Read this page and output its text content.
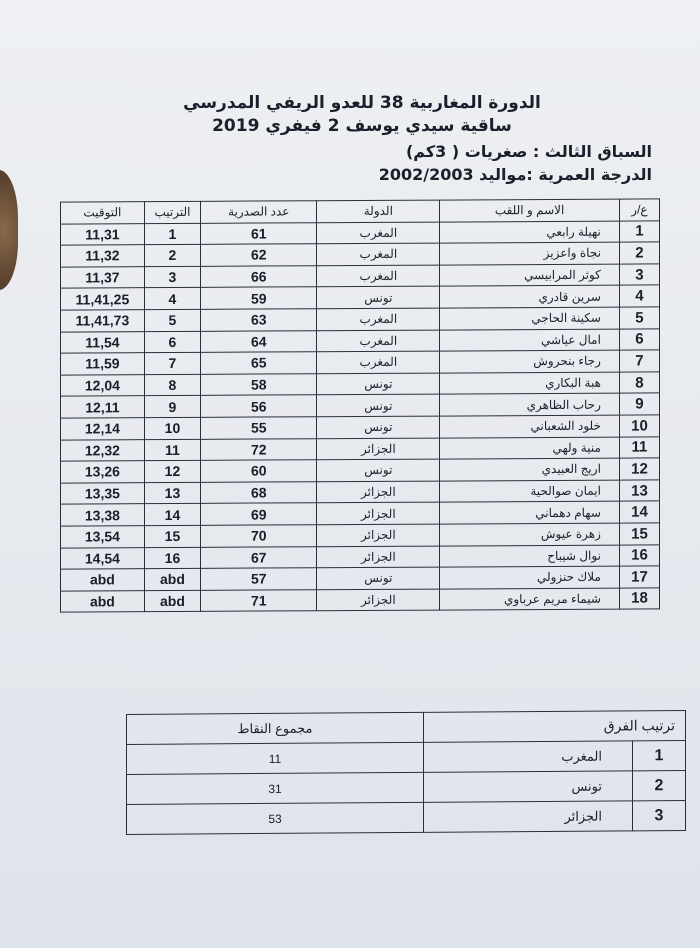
الدورة المغاربية 38 للعدو الريفي المدرسي
ساقية سيدي يوسف 2 فيفري 2019
السباق الثالث : صغريات ( 3كم)
الدرجة العمرية :مواليد 2002/2003
ع/ر	الاسم و اللقب	الدولة	عدد الصدرية	الترتيب	التوقيت
1	نهيلة رابعي	المغرب	61	1	11,31
2	نجاة واعزيز	المغرب	62	2	11,32
3	كوثر المرابيسي	المغرب	66	3	11,37
4	سرين قادري	تونس	59	4	11,41,25
5	سكينة الحاجي	المغرب	63	5	11,41,73
6	امال عياشي	المغرب	64	6	11,54
7	رجاء بنحروش	المغرب	65	7	11,59
8	هبة البكاري	تونس	58	8	12,04
9	رحاب الظاهري	تونس	56	9	12,11
10	خلود الشعباني	تونس	55	10	12,14
11	منية ولهي	الجزائر	72	11	12,32
12	اريج العبيدي	تونس	60	12	13,26
13	ايمان صوالحية	الجزائر	68	13	13,35
14	سهام دهماني	الجزائر	69	14	13,38
15	زهرة عيوش	الجزائر	70	15	13,54
16	نوال شيباح	الجزائر	67	16	14,54
17	ملاك حنزولي	تونس	57	abd	abd
18	شيماء مريم عرباوي	الجزائر	71	abd	abd
ترتيب الفرق		مجموع النقاط
1	المغرب	11
2	تونس	31
3	الجزائر	53
